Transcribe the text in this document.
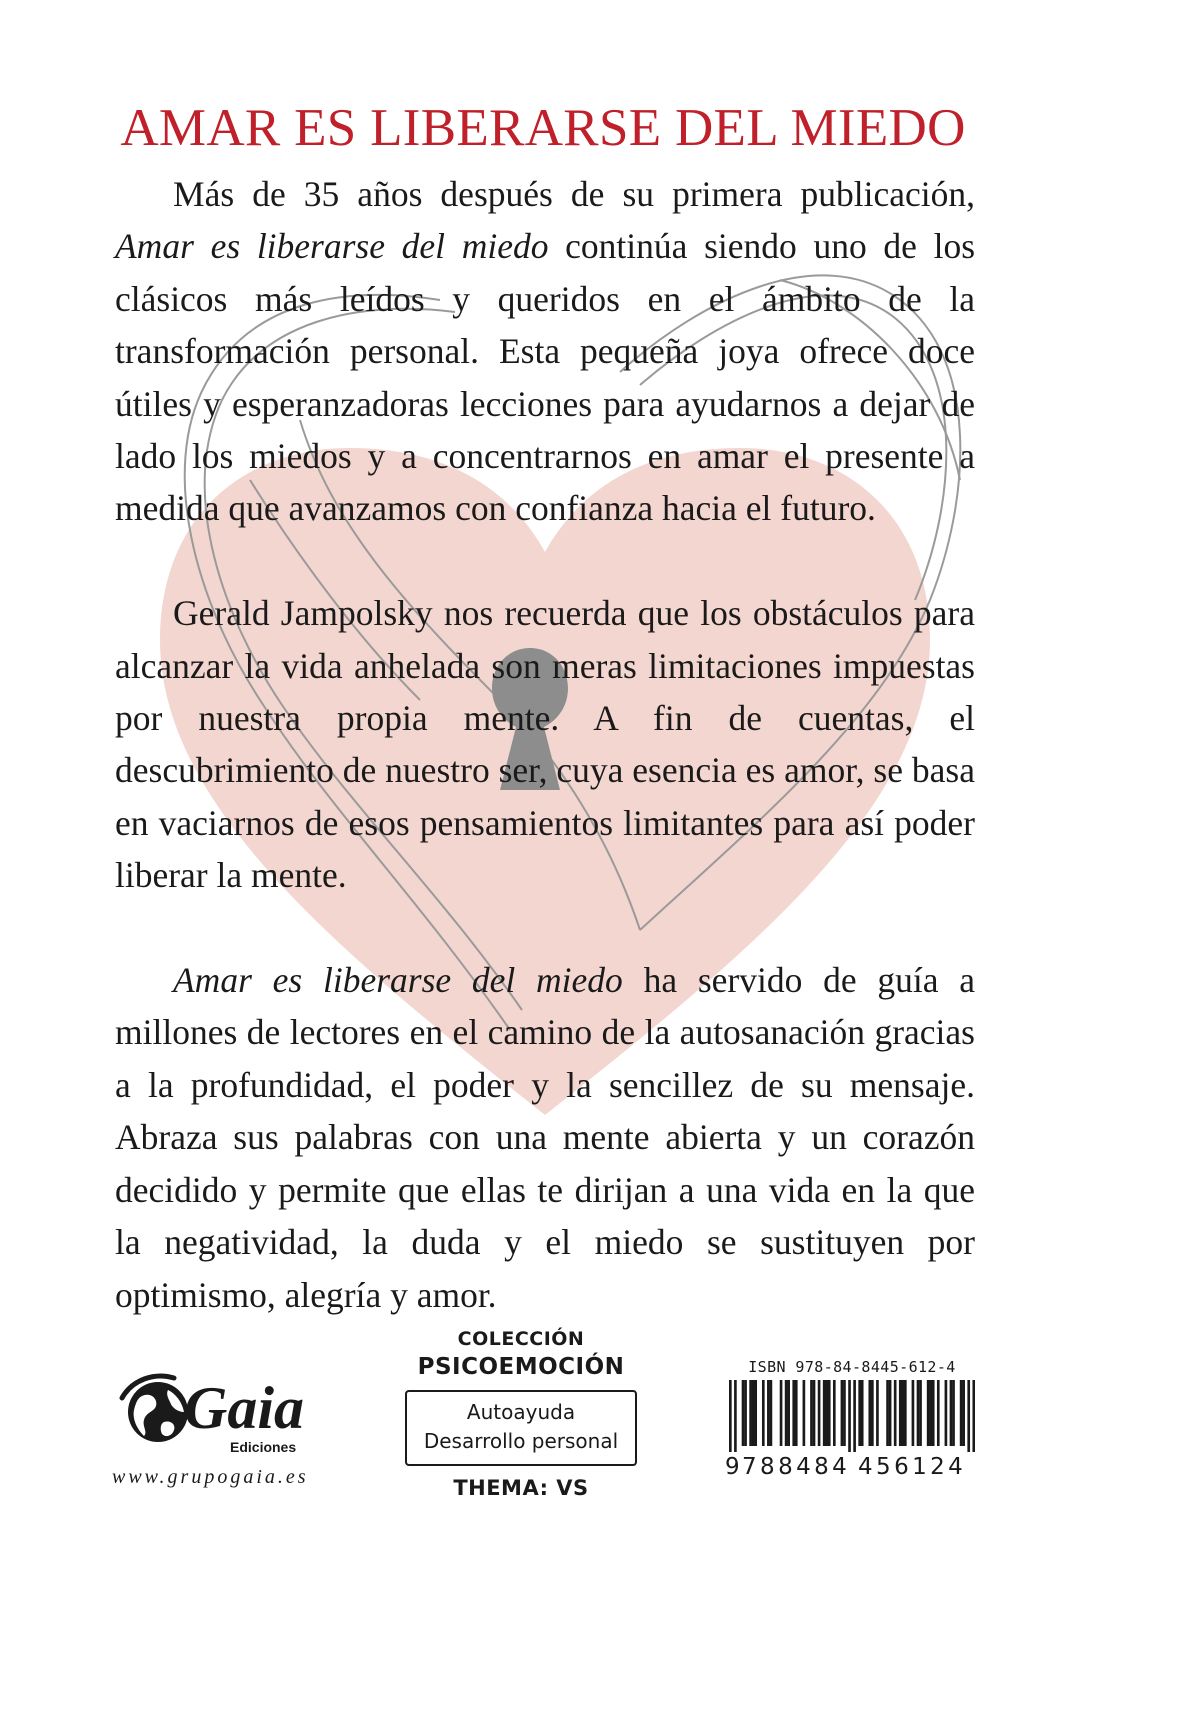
AMAR ES LIBERARSE DEL MIEDO

Más de 35 años después de su primera publicación, Amar es liberarse del miedo continúa siendo uno de los clásicos más leídos y queridos en el ámbito de la transformación personal. Esta pequeña joya ofrece doce útiles y esperanzadoras lecciones para ayudarnos a dejar de lado los miedos y a concentrarnos en amar el presente a medida que avanzamos con confianza hacia el futuro.

Gerald Jampolsky nos recuerda que los obstáculos para alcanzar la vida anhelada son meras limitaciones impuestas por nuestra propia mente. A fin de cuentas, el descubrimiento de nuestro ser, cuya esencia es amor, se basa en vaciarnos de esos pensamientos limitantes para así poder liberar la mente.

Amar es liberarse del miedo ha servido de guía a millones de lectores en el camino de la autosanación gracias a la profundidad, el poder y la sencillez de su mensaje. Abraza sus palabras con una mente abierta y un corazón decidido y permite que ellas te dirijan a una vida en la que la negatividad, la duda y el miedo se sustituyen por optimismo, alegría y amor.

Gaia
Ediciones
www.grupogaia.es
COLECCIÓN
PSICOEMOCIÓN
Autoayuda
Desarrollo personal
THEMA: VS
ISBN 978-84-8445-612-4
9 788484 456124
